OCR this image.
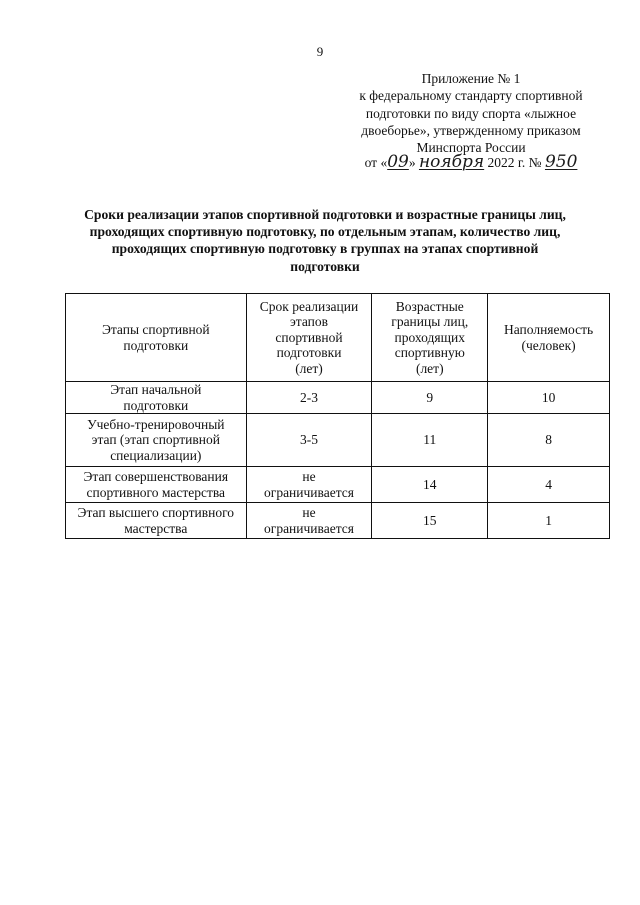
9
Приложение № 1
к федеральному стандарту спортивной
подготовки по виду спорта «лыжное
двоеборье», утвержденному приказом
Минспорта России
от «09» ноября 2022 г. № 950
Сроки реализации этапов спортивной подготовки и возрастные границы лиц,
проходящих спортивную подготовку, по отдельным этапам, количество лиц,
проходящих спортивную подготовку в группах на этапах спортивной
подготовки
Этапы спортивной
подготовки	Срок реализации
этапов
спортивной
подготовки
(лет)	Возрастные
границы лиц,
проходящих
спортивную
(лет)	Наполняемость
(человек)

Этап начальной
подготовки	2-3	9	10

Учебно-тренировочный
этап (этап спортивной
специализации)	3-5	11	8

Этап совершенствования
спортивного мастерства	не
ограничивается	14	4

Этап высшего спортивного
мастерства	не
ограничивается	15	1
